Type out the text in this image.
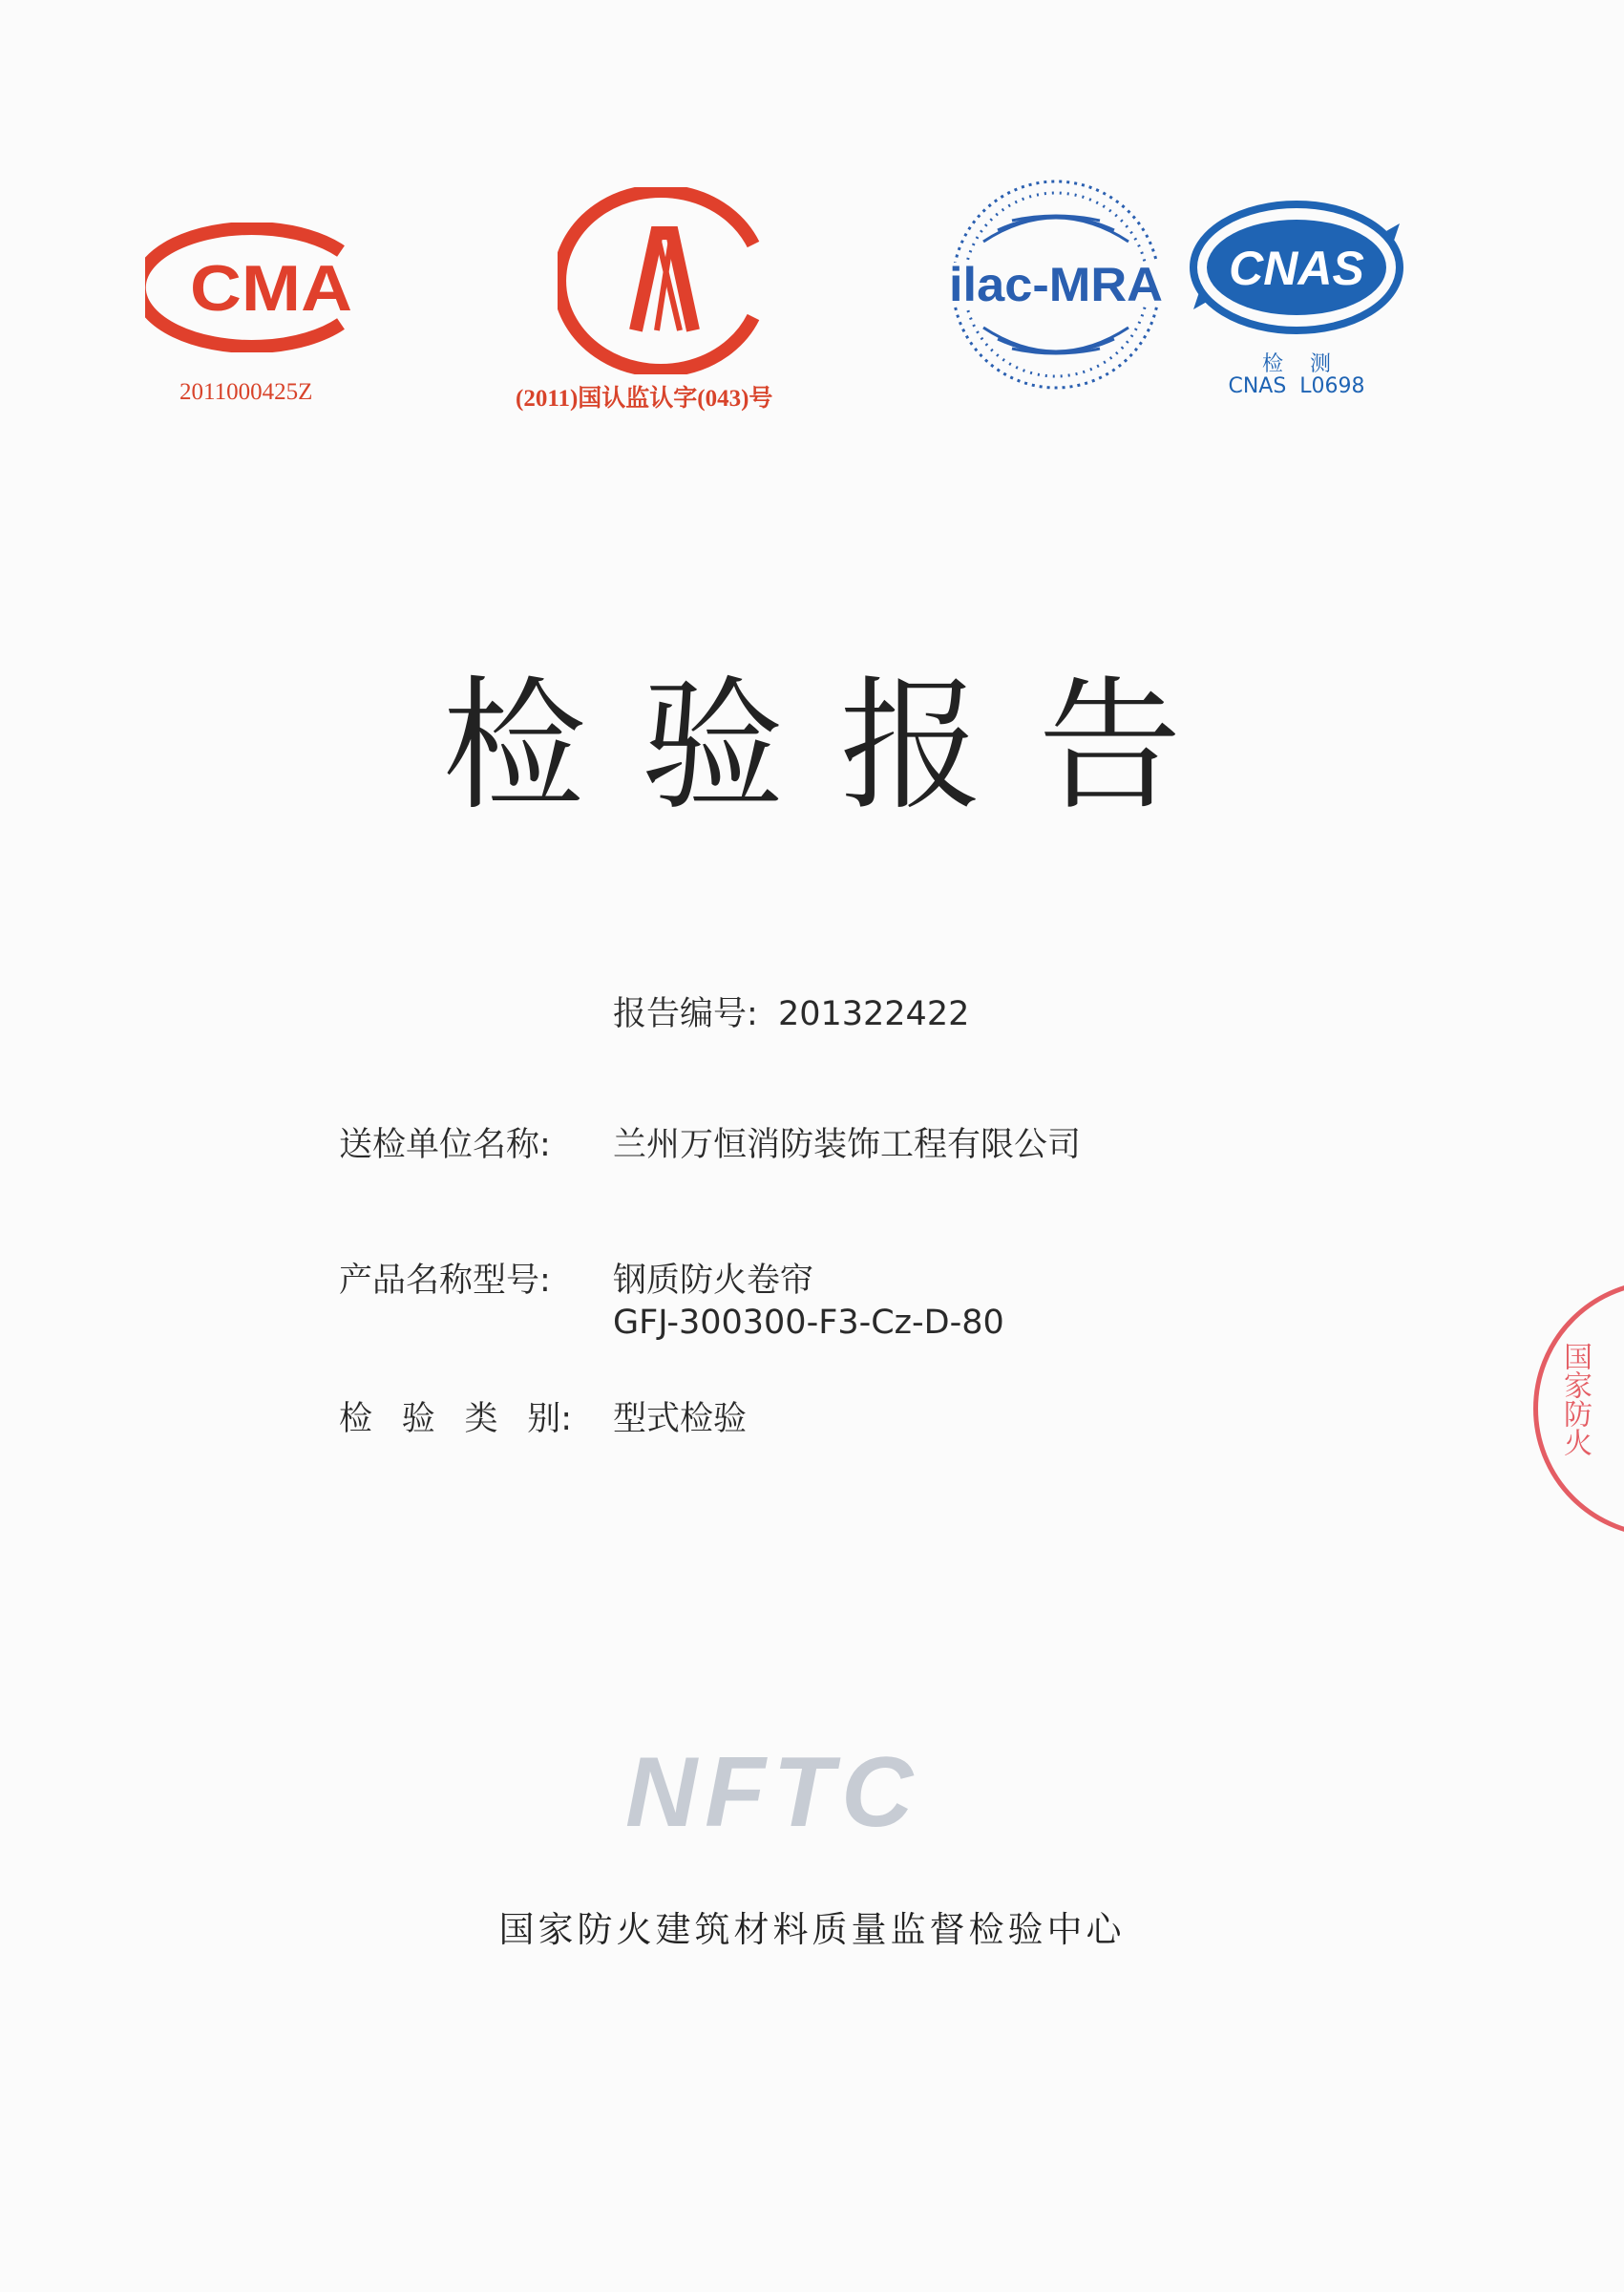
CMA
2011000425Z	(2011)国认监认字(043)号
ilac-MRA CNAS
检    测
CNAS  L0698
检验报告
报告编号: 201322422
送检单位名称: 兰州万恒消防装饰工程有限公司
产品名称型号: 钢质防火卷帘
GFJ-300300-F3-Cz-D-80
检 验 类 别: 型式检验
NFTC
国家防火建筑材料质量监督检验中心
国家防火
